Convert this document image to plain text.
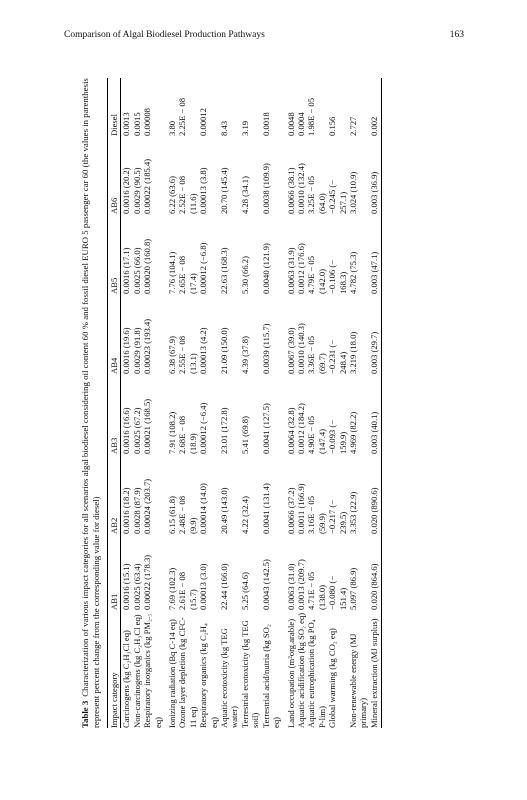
Comparison of Algal Biodiesel Production Pathways	163
Table 3Characterization of various impact categories for all scenarios algal biodiesel considering oil content 60 % and fossil diesel EURO 5 passenger car 60 (the values in parenthesis represent percent change from the corresponding value for diesel) Impact category	AB1	AB2	AB3	AB4	AB5	AB6	Diesel

Carcinogens (kg C₂H₃Cl eq)	0.0016 (15.1)	0.0016 (18.2)	0.0016 (16.6)	0.0016 (19.6)	0.0016 (17.1)	0.0016 (20.2)	0.0013

Non-carcinogens (kg C₂H₃Cl eq)	0.0025 (63.4)	0.0028 (87.9)	0.0025 (67.2)	0.0029 (91.8)	0.0025 (66.0)	0.0029 (90.5)	0.0015

Respiratory inorganics (kg PM₂.₅ eq)	0.00022 (178.3)	0.00024 (203.7)	0.00021 (168.5)	0.00023 (193.4)	0.00020 (160.8)	0.00022 (185.4)	0.00008

Ionizing radiation (Bq C-14 eq)	7.69 (102.3)	6.15 (61.8)	7.91 (108.2)	6.38 (67.9)	7.76 (104.1)	6.22 (63.6)	3.80

Ozone layer depletion (kg CFC- 11 eq)	2.61E − 08 (15.7)	2.48E − 08 (9.9)	2.68E − 08 (18.9)	2.55E − 08 (13.1)	2.65E − 08 (17.4)	2.52E − 08 (11.6)	2.25E − 08

Respiratory organics (kg C₂H₄ eq)	0.00013 (3.0)	0.00014 (14.0)	0.00012 (−6.4)	0.00013 (4.2)	0.00012 (−6.8)	0.00013 (3.8)	0.00012

Aquatic ecotoxicity (kg TEG water)	22.44 (166.0)	20.49 (143.0)	23.01 (172.8)	21.09 (150.0)	22.63 (168.3)	20.70 (145.4)	8.43

Terrestrial ecotoxicity (kg TEG soil)	5.25 (64.6)	4.22 (32.4)	5.41 (69.8)	4.39 (37.8)	5.30 (66.2)	4.28 (34.1)	3.19

Terrestrial acid/nutria (kg SO₂ eq)	0.0043 (142.5)	0.0041 (131.4)	0.0041 (127.5)	0.0039 (115.7)	0.0040 (121.9)	0.0038 (109.9)	0.0018

Land occupation (m²org.arable)	0.0063 (31.0)	0.0066 (37.2)	0.0064 (32.8)	0.0067 (39.0)	0.0063 (31.9)	0.0066 (38.1)	0.0048

Aquatic acidification (kg SO₂ eq)	0.0013 (209.7)	0.0011 (166.9)	0.0012 (184.2)	0.0010 (140.3)	0.0012 (176.6)	0.0010 (132.4)	0.0004

Aquatic eutrophication (kg PO₄ P-lim)	4.71E − 05 (138.0)	3.16E − 05 (59.9)	4.90E − 05 (147.4)	3.36E − 05 (69.7)	4.79E − 05 (142.0)	3.25E − 05 (64.0)	1.98E − 05

Global warming (kg CO₂ eq)	−0.080 (− 151.4)	−0.217 (− 239.5)	−0.093 (− 159.9)	−0.231 (− 248.4)	−0.106 (− 168.3)	−0.245 (− 257.1)	0.156

Non-renewable energy (MJ primary)	5.097 (86.9)	3.353 (22.9)	4.969 (82.2)	3.219 (18.0)	4.782 (75.3)	3.024 (10.9)	2.727

Mineral extraction (MJ surplus)	0.020 (864.6)	0.020 (890.6)	0.003 (40.1)	0.003 (29.7)	0.003 (47.1)	0.003 (36.9)	0.002
